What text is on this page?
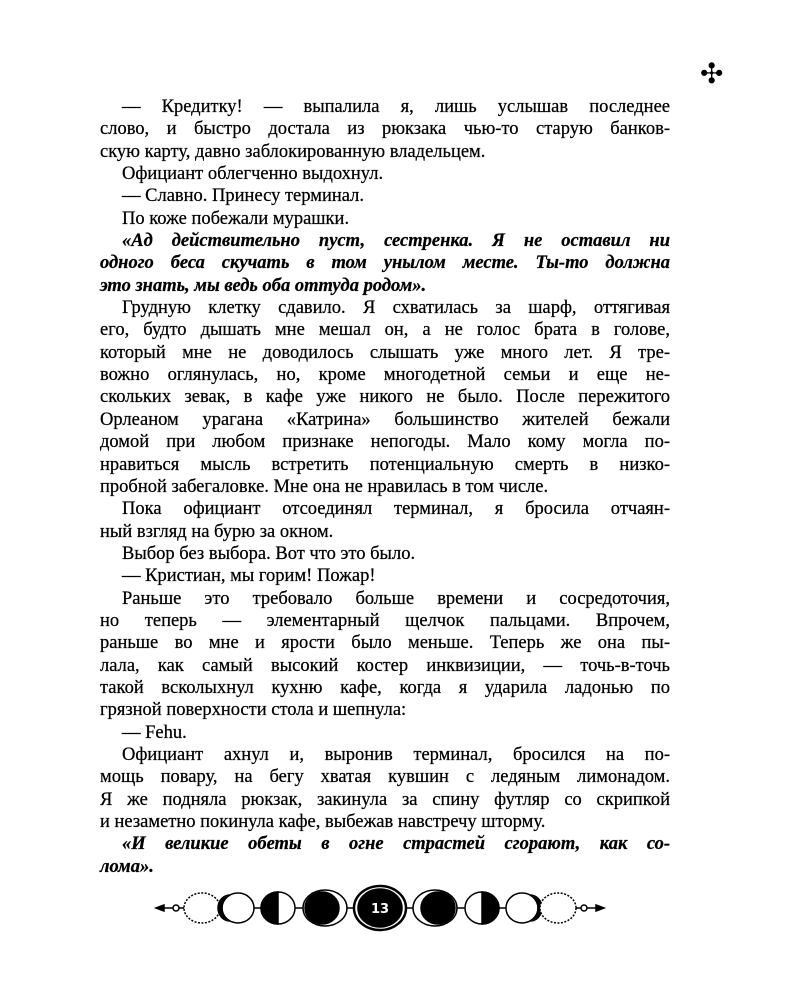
✣
— Кредитку! — выпалила я, лишь услышав последнее
слово, и быстро достала из рюкзака чью-то старую банков-
скую карту, давно заблокированную владельцем.
Официант облегченно выдохнул.
— Славно. Принесу терминал.
По коже побежали мурашки.
«Ад действительно пуст, сестренка. Я не оставил ни
одного беса скучать в том унылом месте. Ты-то должна
это знать, мы ведь оба оттуда родом».
Грудную клетку сдавило. Я схватилась за шарф, оттягивая
его, будто дышать мне мешал он, а не голос брата в голове,
который мне не доводилось слышать уже много лет. Я тре-
вожно оглянулась, но, кроме многодетной семьи и еще не-
скольких зевак, в кафе уже никого не было. После пережитого
Орлеаном урагана «Катрина» большинство жителей бежали
домой при любом признаке непогоды. Мало кому могла по-
нравиться мысль встретить потенциальную смерть в низко-
пробной забегаловке. Мне она не нравилась в том числе.
Пока официант отсоединял терминал, я бросила отчаян-
ный взгляд на бурю за окном.
Выбор без выбора. Вот что это было.
— Кристиан, мы горим! Пожар!
Раньше это требовало больше времени и сосредоточия,
но теперь — элементарный щелчок пальцами. Впрочем,
раньше во мне и ярости было меньше. Теперь же она пы-
лала, как самый высокий костер инквизиции, — точь-в-точь
такой всколыхнул кухню кафе, когда я ударила ладонью по
грязной поверхности стола и шепнула:
— Fehu.
Официант ахнул и, выронив терминал, бросился на по-
мощь повару, на бегу хватая кувшин с ледяным лимонадом.
Я же подняла рюкзак, закинула за спину футляр со скрипкой
и незаметно покинула кафе, выбежав навстречу шторму.
«И великие обеты в огне страстей сгорают, как со-
лома».
13
